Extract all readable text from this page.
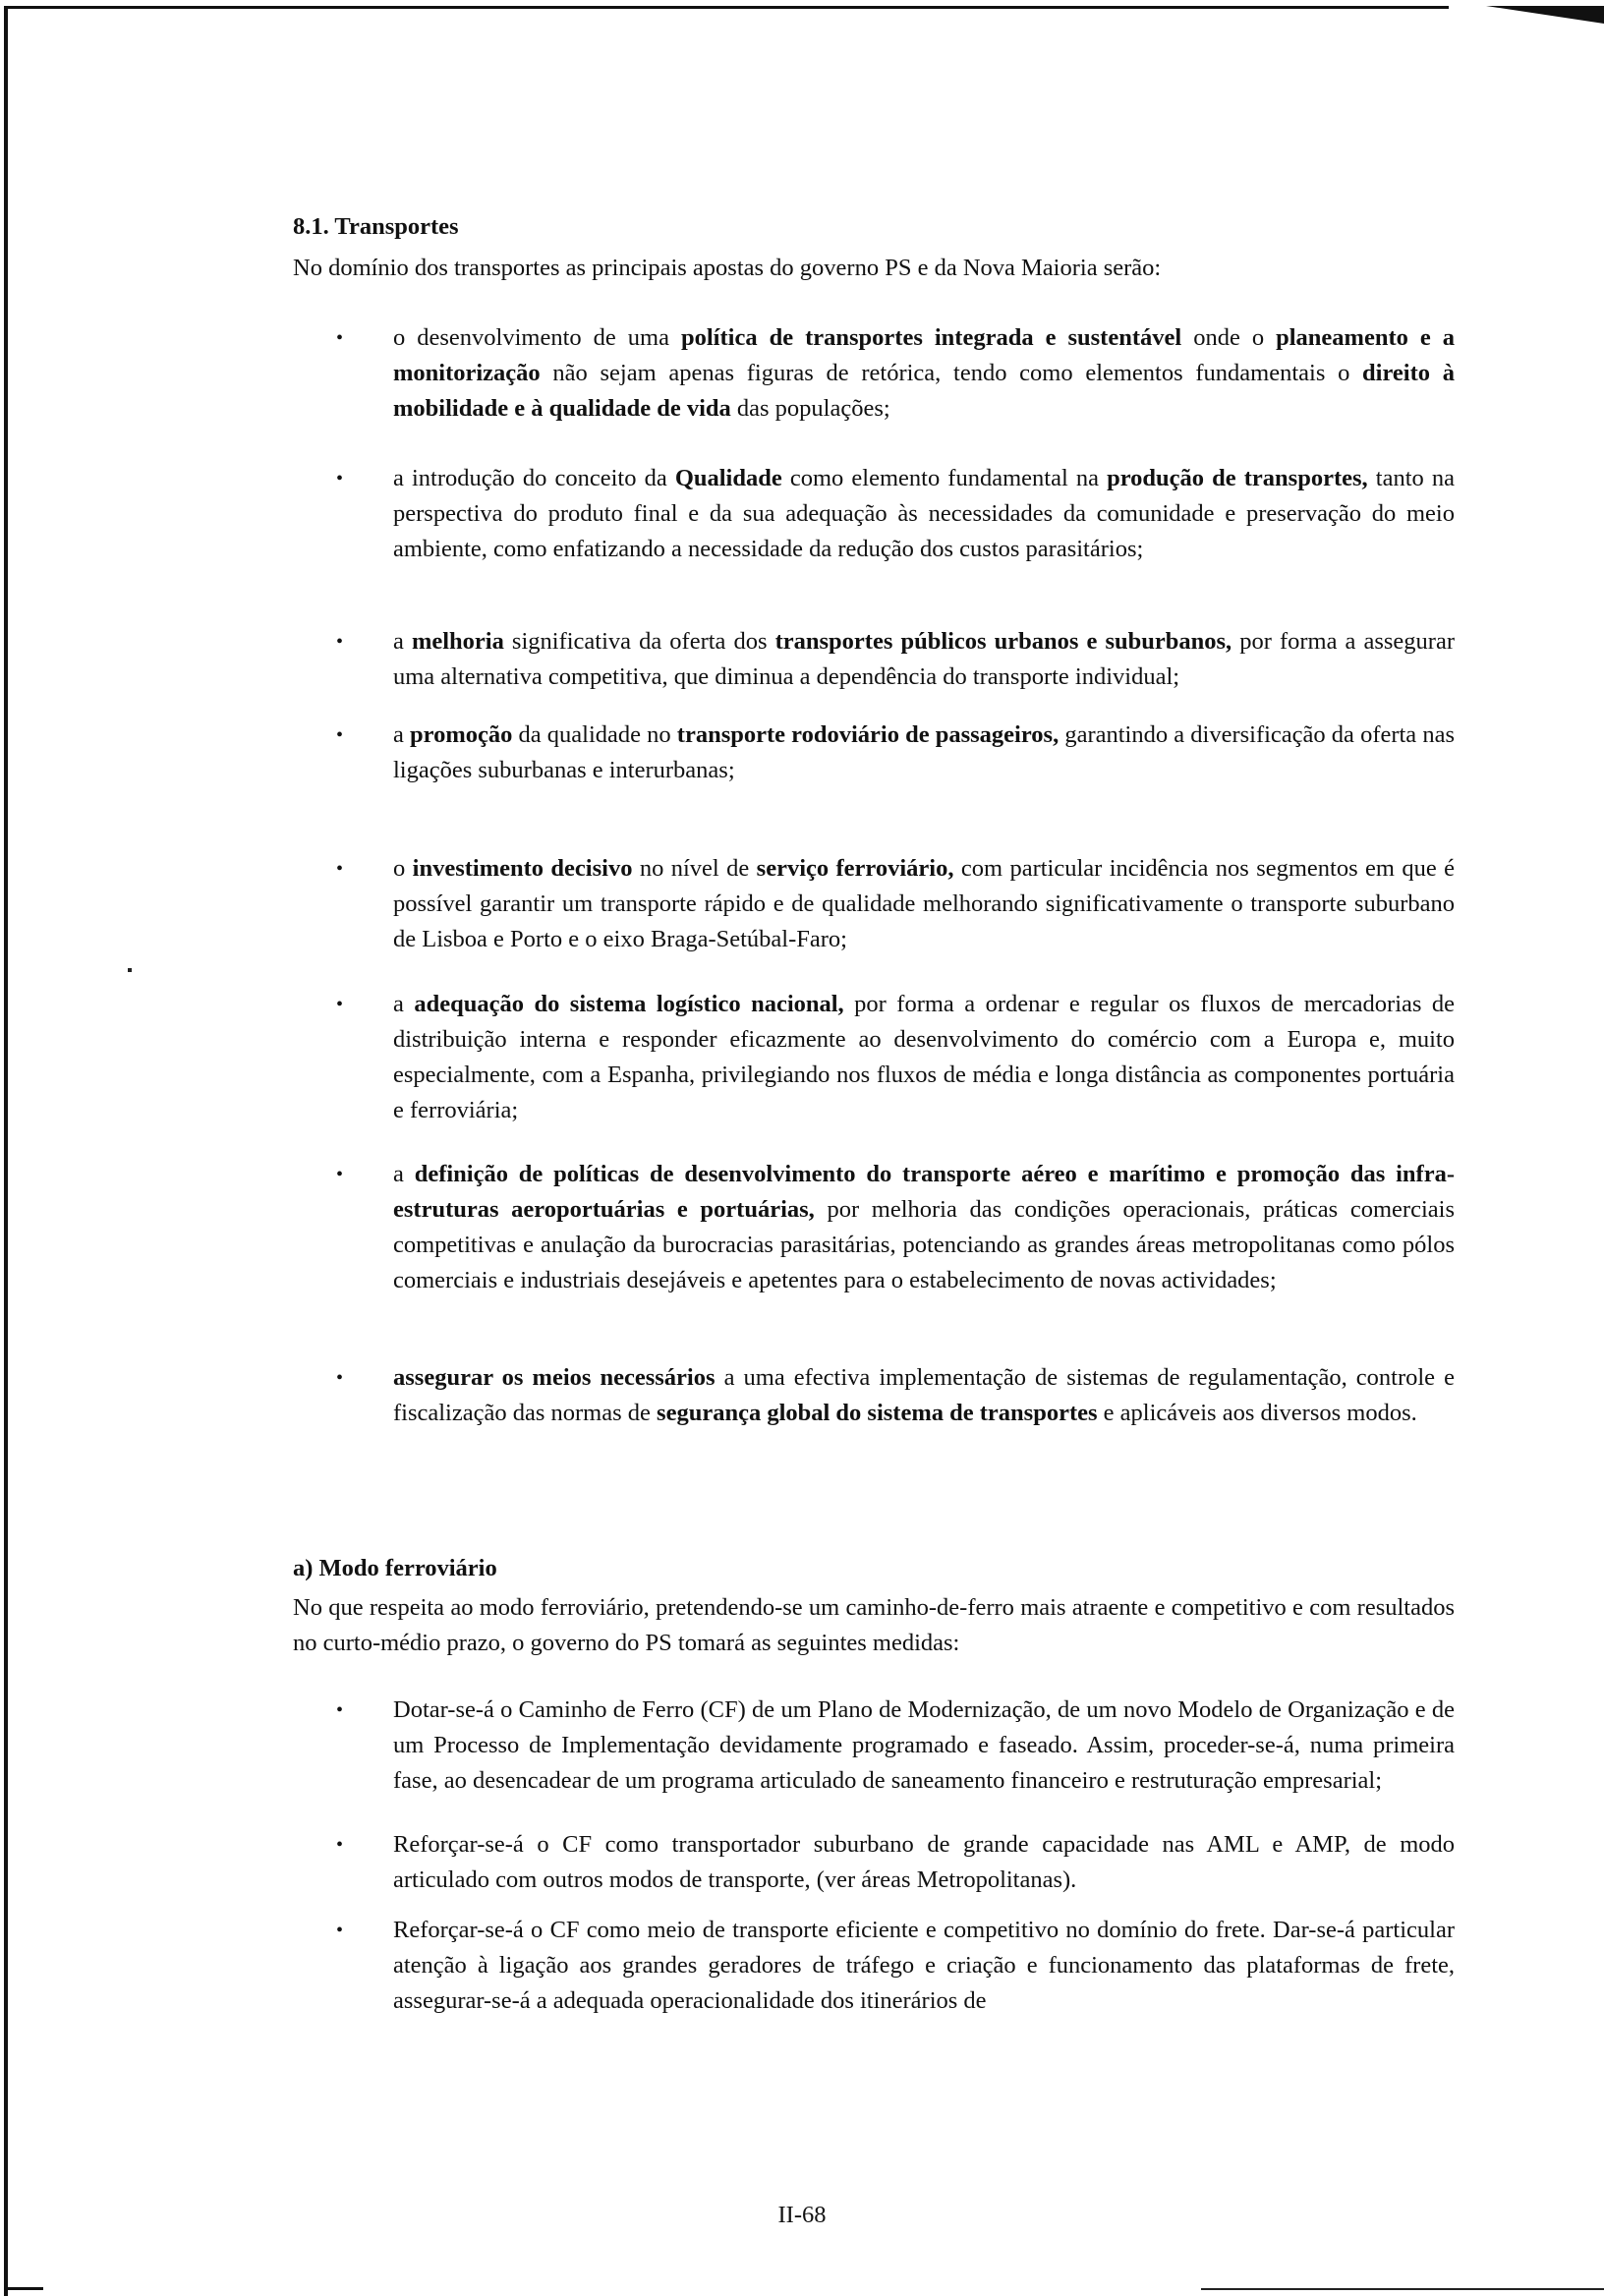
8.1. Transportes
No domínio dos transportes as principais apostas do governo PS e da Nova Maioria serão:
• o desenvolvimento de uma política de transportes integrada e sustentável onde o planeamento e a monitorização não sejam apenas figuras de retórica, tendo como elementos fundamentais o direito à mobilidade e à qualidade de vida das populações;
• a introdução do conceito da Qualidade como elemento fundamental na produção de transportes, tanto na perspectiva do produto final e da sua adequação às necessidades da comunidade e preservação do meio ambiente, como enfatizando a necessidade da redução dos custos parasitários;
• a melhoria significativa da oferta dos transportes públicos urbanos e suburbanos, por forma a assegurar uma alternativa competitiva, que diminua a dependência do transporte individual;
• a promoção da qualidade no transporte rodoviário de passageiros, garantindo a diversificação da oferta nas ligações suburbanas e interurbanas;
• o investimento decisivo no nível de serviço ferroviário, com particular incidência nos segmentos em que é possível garantir um transporte rápido e de qualidade melhorando significativamente o transporte suburbano de Lisboa e Porto e o eixo Braga-Setúbal-Faro;
• a adequação do sistema logístico nacional, por forma a ordenar e regular os fluxos de mercadorias de distribuição interna e responder eficazmente ao desenvolvimento do comércio com a Europa e, muito especialmente, com a Espanha, privilegiando nos fluxos de média e longa distância as componentes portuária e ferroviária;
• a definição de políticas de desenvolvimento do transporte aéreo e marítimo e promoção das infra-estruturas aeroportuárias e portuárias, por melhoria das condições operacionais, práticas comerciais competitivas e anulação da burocracias parasitárias, potenciando as grandes áreas metropolitanas como pólos comerciais e industriais desejáveis e apetentes para o estabelecimento de novas actividades;
• assegurar os meios necessários a uma efectiva implementação de sistemas de regulamentação, controle e fiscalização das normas de segurança global do sistema de transportes e aplicáveis aos diversos modos.
a) Modo ferroviário
No que respeita ao modo ferroviário, pretendendo-se um caminho-de-ferro mais atraente e competitivo e com resultados no curto-médio prazo, o governo do PS tomará as seguintes medidas:
• Dotar-se-á o Caminho de Ferro (CF) de um Plano de Modernização, de um novo Modelo de Organização e de um Processo de Implementação devidamente programado e faseado. Assim, proceder-se-á, numa primeira fase, ao desencadear de um programa articulado de saneamento financeiro e restruturação empresarial;
• Reforçar-se-á o CF como transportador suburbano de grande capacidade nas AML e AMP, de modo articulado com outros modos de transporte, (ver áreas Metropolitanas).
• Reforçar-se-á o CF como meio de transporte eficiente e competitivo no domínio do frete. Dar-se-á particular atenção à ligação aos grandes geradores de tráfego e criação e funcionamento das plataformas de frete, assegurar-se-á a adequada operacionalidade dos itinerários de
II-68
